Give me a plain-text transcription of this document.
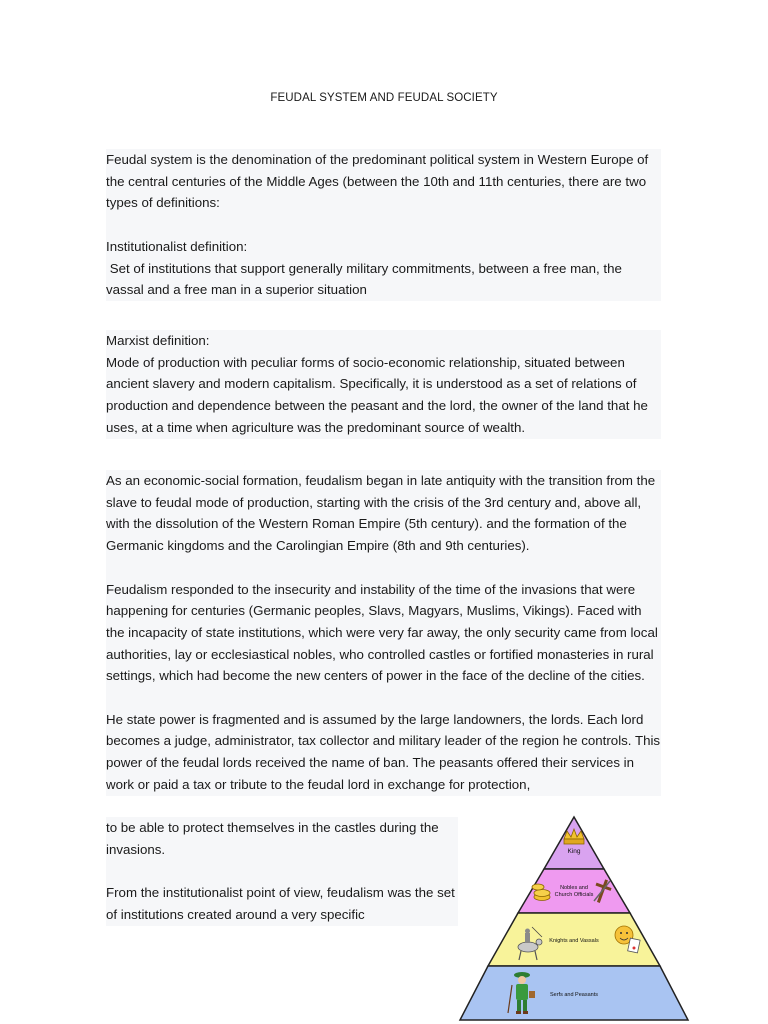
FEUDAL SYSTEM AND FEUDAL SOCIETY

Feudal system is the denomination of the predominant political system in Western Europe of the central centuries of the Middle Ages (between the 10th and 11th centuries, there are two types of definitions:

Institutionalist definition:

Set of institutions that support generally military commitments, between a free man, the vassal and a free man in a superior situation

Marxist definition:

Mode of production with peculiar forms of socio-economic relationship, situated between ancient slavery and modern capitalism. Specifically, it is understood as a set of relations of production and dependence between the peasant and the lord, the owner of the land that he uses, at a time when agriculture was the predominant source of wealth.

As an economic-social formation, feudalism began in late antiquity with the transition from the slave to feudal mode of production, starting with the crisis of the 3rd century and, above all, with the dissolution of the Western Roman Empire (5th century). and the formation of the Germanic kingdoms and the Carolingian Empire (8th and 9th centuries).

Feudalism responded to the insecurity and instability of the time of the invasions that were happening for centuries (Germanic peoples, Slavs, Magyars, Muslims, Vikings). Faced with the incapacity of state institutions, which were very far away, the only security came from local authorities, lay or ecclesiastical nobles, who controlled castles or fortified monasteries in rural settings, which had become the new centers of power in the face of the decline of the cities.

He state power is fragmented and is assumed by the large landowners, the lords. Each lord becomes a judge, administrator, tax collector and military leader of the region he controls. This power of the feudal lords received the name of ban. The peasants offered their services in work or paid a tax or tribute to the feudal lord in exchange for protection,

to be able to protect themselves in the castles during the invasions.

From the institutionalist point of view, feudalism was the set of institutions created around a very specific

King
Nobles and
Church Officials
Knights and Vassals
Serfs and Peasants
